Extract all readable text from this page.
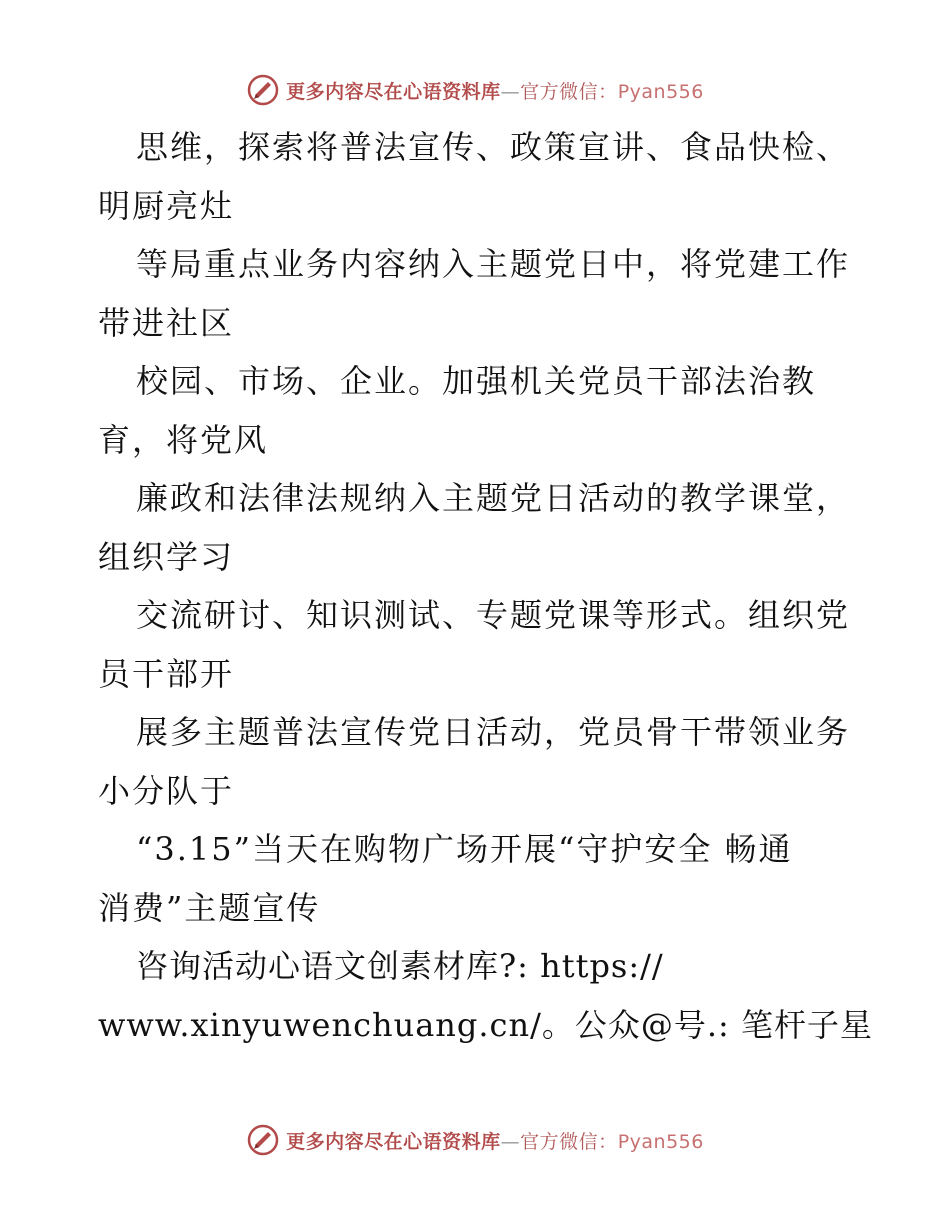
更多内容尽在心语资料库—官方微信：Pyan556
思维，探索将普法宣传、政策宣讲、食品快检、
明厨亮灶
等局重点业务内容纳入主题党日中，将党建工作
带进社区
校园、市场、企业。加强机关党员干部法治教
育，将党风
廉政和法律法规纳入主题党日活动的教学课堂，
组织学习
交流研讨、知识测试、专题党课等形式。组织党
员干部开
展多主题普法宣传党日活动，党员骨干带领业务
小分队于
“3.15”当天在购物广场开展“守护安全 畅通
消费”主题宣传
咨询活动心语文创素材库?: https://
www.xinyuwenchuang.cn/。公众@号.: 笔杆子星
更多内容尽在心语资料库—官方微信：Pyan556
